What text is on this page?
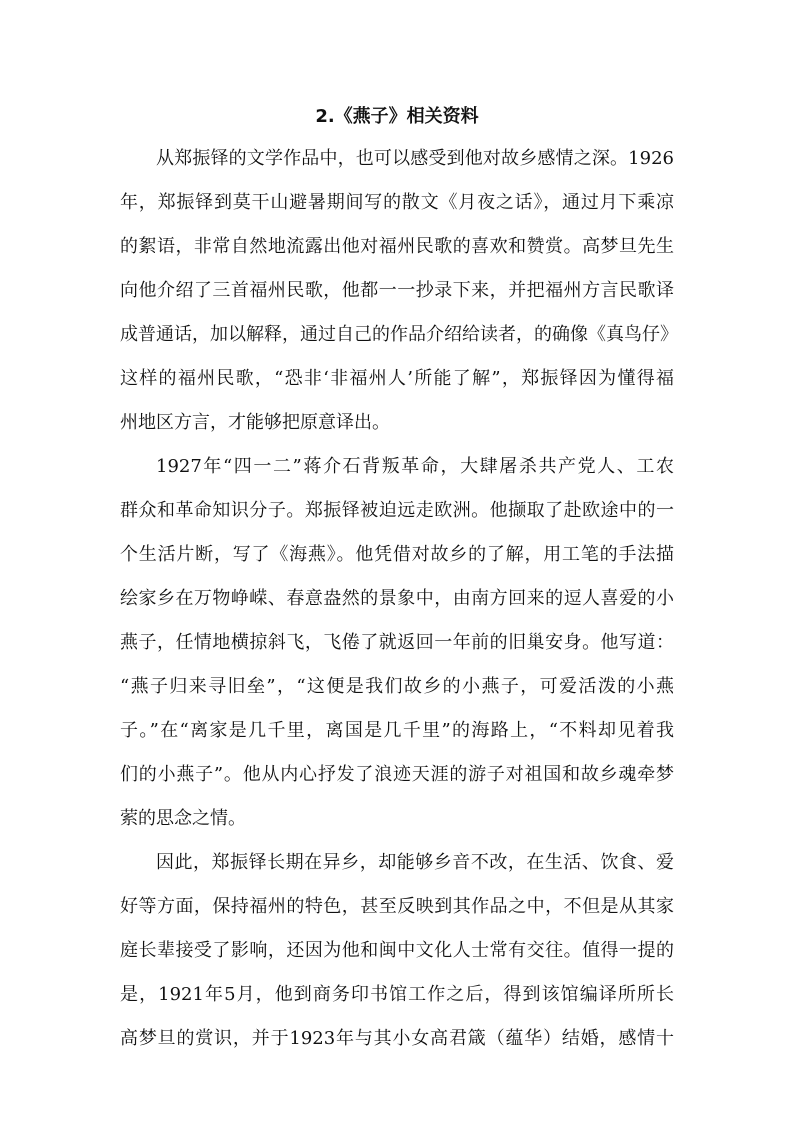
2.《燕子》相关资料
从郑振铎的文学作品中，也可以感受到他对故乡感情之深。1926
年，郑振铎到莫干山避暑期间写的散文《月夜之话》，通过月下乘凉
的絮语，非常自然地流露出他对福州民歌的喜欢和赞赏。高梦旦先生
向他介绍了三首福州民歌，他都一一抄录下来，并把福州方言民歌译
成普通话，加以解释，通过自己的作品介绍给读者，的确像《真鸟仔》
这样的福州民歌，“恐非‘非福州人’所能了解”，郑振铎因为懂得福
州地区方言，才能够把原意译出。
1927年“四一二”蒋介石背叛革命，大肆屠杀共产党人、工农
群众和革命知识分子。郑振铎被迫远走欧洲。他撷取了赴欧途中的一
个生活片断，写了《海燕》。他凭借对故乡的了解，用工笔的手法描
绘家乡在万物峥嵘、春意盎然的景象中，由南方回来的逗人喜爱的小
燕子，任情地横掠斜飞，飞倦了就返回一年前的旧巢安身。他写道：
“燕子归来寻旧垒”，“这便是我们故乡的小燕子，可爱活泼的小燕
子。”在“离家是几千里，离国是几千里”的海路上，“不料却见着我
们的小燕子”。他从内心抒发了浪迹天涯的游子对祖国和故乡魂牵梦
萦的思念之情。
因此，郑振铎长期在异乡，却能够乡音不改，在生活、饮食、爱
好等方面，保持福州的特色，甚至反映到其作品之中，不但是从其家
庭长辈接受了影响，还因为他和闽中文化人士常有交往。值得一提的
是，1921年5月，他到商务印书馆工作之后，得到该馆编译所所长
高梦旦的赏识，并于1923年与其小女高君箴（蕴华）结婚，感情十
